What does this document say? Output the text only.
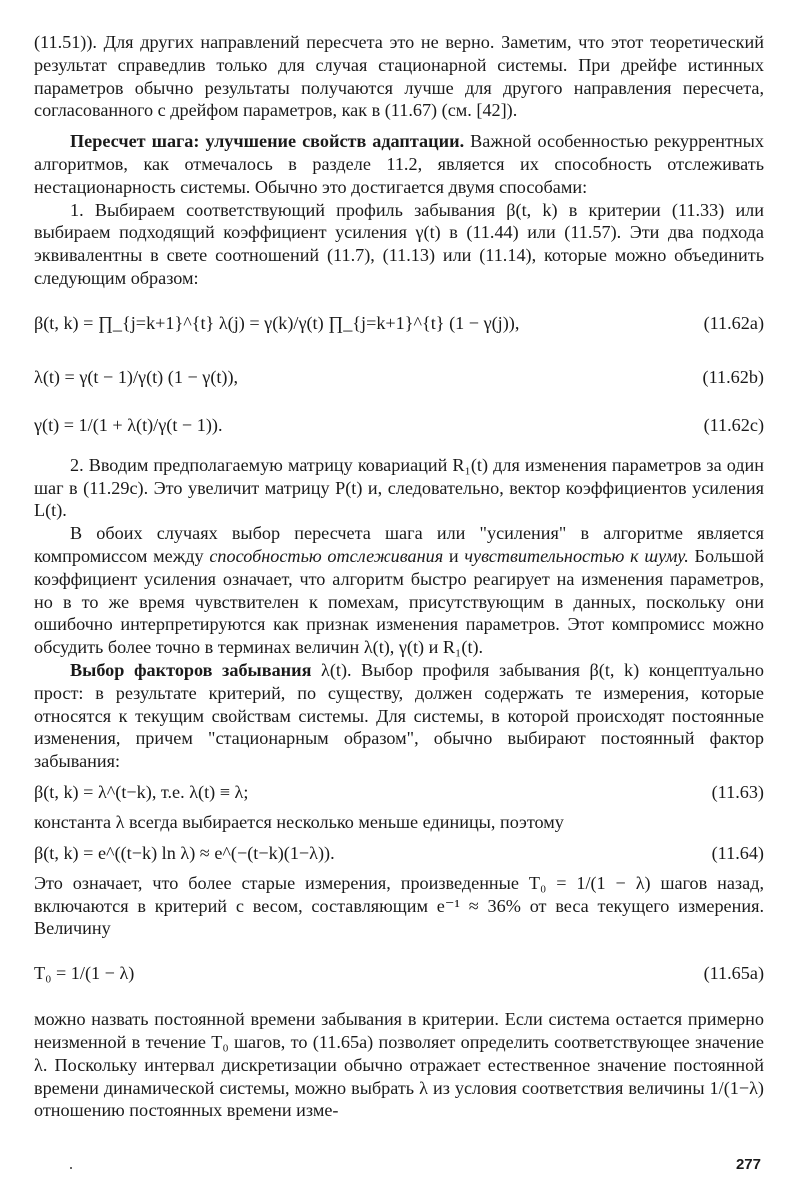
(11.51)). Для других направлений пересчета это не верно. Заметим, что этот теоретический результат справедлив только для случая стационарной системы. При дрейфе истинных параметров обычно результаты получаются лучше для другого направления пересчета, согласованного с дрейфом параметров, как в (11.67) (см. [42]).

Пересчет шага: улучшение свойств адаптации. Важной особенностью рекуррентных алгоритмов, как отмечалось в разделе 11.2, является их способность отслеживать нестационарность системы. Обычно это достигается двумя способами:

1. Выбираем соответствующий профиль забывания β(t, k) в критерии (11.33) или выбираем подходящий коэффициент усиления γ(t) в (11.44) или (11.57). Эти два подхода эквивалентны в свете соотношений (11.7), (11.13) или (11.14), которые можно объединить следующим образом:

β(t, k) = ∏_{j=k+1}^{t} λ(j) = γ(k)/γ(t) ∏_{j=k+1}^{t} (1 − γ(j)),	(11.62a)
λ(t) = γ(t − 1)/γ(t) (1 − γ(t)),	(11.62b)
γ(t) = 1/(1 + λ(t)/γ(t − 1)).	(11.62c)

2. Вводим предполагаемую матрицу ковариаций R₁(t) для изменения параметров за один шаг в (11.29c). Это увеличит матрицу P(t) и, следовательно, вектор коэффициентов усиления L(t).

В обоих случаях выбор пересчета шага или "усиления" в алгоритме является компромиссом между способностью отслеживания и чувствительностью к шуму. Большой коэффициент усиления означает, что алгоритм быстро реагирует на изменения параметров, но в то же время чувствителен к помехам, присутствующим в данных, поскольку они ошибочно интерпретируются как признак изменения параметров. Этот компромисс можно обсудить более точно в терминах величин λ(t), γ(t) и R₁(t).

Выбор факторов забывания λ(t). Выбор профиля забывания β(t, k) концептуально прост: в результате критерий, по существу, должен содержать те измерения, которые относятся к текущим свойствам системы. Для системы, в которой происходят постоянные изменения, причем "стационарным образом", обычно выбирают постоянный фактор забывания:

β(t, k) = λ^(t−k), т.е. λ(t) ≡ λ;	(11.63)

константа λ всегда выбирается несколько меньше единицы, поэтому

β(t, k) = e^((t−k) ln λ) ≈ e^(−(t−k)(1−λ)).	(11.64)

Это означает, что более старые измерения, произведенные T₀ = 1/(1 − λ) шагов назад, включаются в критерий с весом, составляющим e⁻¹ ≈ 36% от веса текущего измерения. Величину

T₀ = 1/(1 − λ)	(11.65a)

можно назвать постоянной времени забывания в критерии. Если система остается примерно неизменной в течение T₀ шагов, то (11.65a) позволяет определить соответствующее значение λ. Поскольку интервал дискретизации обычно отражает естественное значение постоянной времени динамической системы, можно выбрать λ из условия соответствия величины 1/(1−λ) отношению постоянных времени изме-

277
